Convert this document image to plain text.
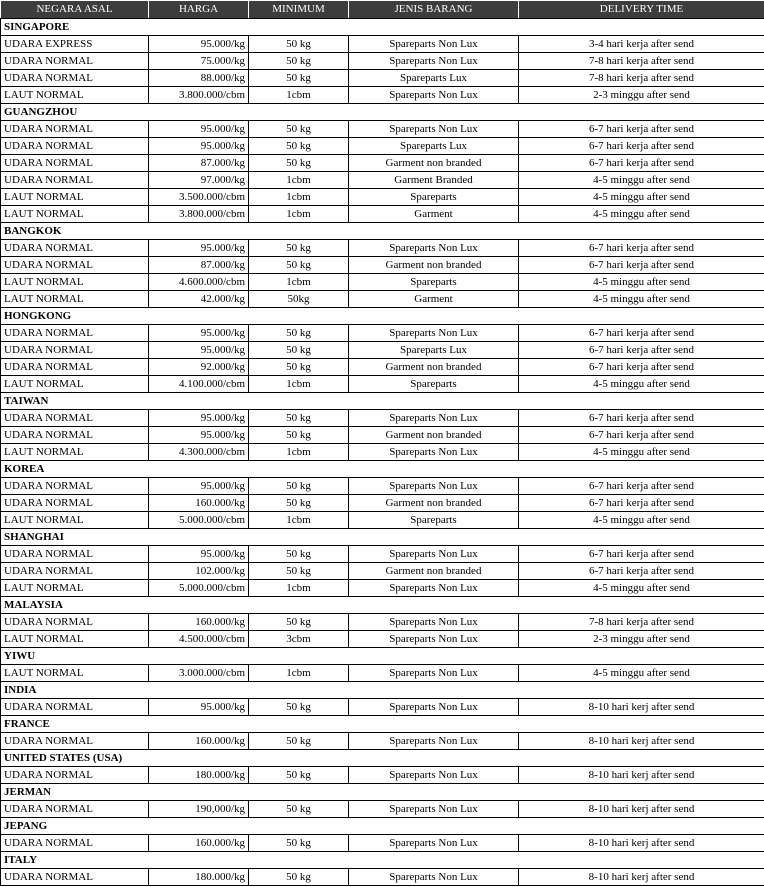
NEGARA ASAL	HARGA	MINIMUM	JENIS BARANG	DELIVERY TIME
SINGAPORE				
UDARA EXPRESS	95.000/kg	50 kg	Spareparts Non Lux	3-4 hari kerja after send
UDARA NORMAL	75.000/kg	50 kg	Spareparts Non Lux	7-8 hari kerja after send
UDARA NORMAL	88.000/kg	50 kg	Spareparts Lux	7-8 hari kerja after send
LAUT NORMAL	3.800.000/cbm	1cbm	Spareparts Non Lux	2-3 minggu after send
GUANGZHOU				
UDARA NORMAL	95.000/kg	50 kg	Spareparts Non Lux	6-7 hari kerja after send
UDARA NORMAL	95.000/kg	50 kg	Spareparts Lux	6-7 hari kerja after send
UDARA NORMAL	87.000/kg	50 kg	Garment non branded	6-7 hari kerja after send
UDARA NORMAL	97.000/kg	1cbm	Garment Branded	4-5 minggu after send
LAUT NORMAL	3.500.000/cbm	1cbm	Spareparts	4-5 minggu after send
LAUT NORMAL	3.800.000/cbm	1cbm	Garment	4-5 minggu after send
BANGKOK				
UDARA NORMAL	95.000/kg	50 kg	Spareparts Non Lux	6-7 hari kerja after send
UDARA NORMAL	87.000/kg	50 kg	Garment non branded	6-7 hari kerja after send
LAUT NORMAL	4.600.000/cbm	1cbm	Spareparts	4-5 minggu after send
LAUT NORMAL	42.000/kg	50kg	Garment	4-5 minggu after send
HONGKONG				
UDARA NORMAL	95.000/kg	50 kg	Spareparts Non Lux	6-7 hari kerja after send
UDARA NORMAL	95.000/kg	50 kg	Spareparts Lux	6-7 hari kerja after send
UDARA NORMAL	92.000/kg	50 kg	Garment non branded	6-7 hari kerja after send
LAUT NORMAL	4.100.000/cbm	1cbm	Spareparts	4-5 minggu after send
TAIWAN				
UDARA NORMAL	95.000/kg	50 kg	Spareparts Non Lux	6-7 hari kerja after send
UDARA NORMAL	95.000/kg	50 kg	Garment non branded	6-7 hari kerja after send
LAUT NORMAL	4.300.000/cbm	1cbm	Spareparts Non Lux	4-5 minggu after send
KOREA				
UDARA NORMAL	95.000/kg	50 kg	Spareparts Non Lux	6-7 hari kerja after send
UDARA NORMAL	160.000/kg	50 kg	Garment non branded	6-7 hari kerja after send
LAUT NORMAL	5.000.000/cbm	1cbm	Spareparts	4-5 minggu after send
SHANGHAI				
UDARA NORMAL	95.000/kg	50 kg	Spareparts Non Lux	6-7 hari kerja after send
UDARA NORMAL	102.000/kg	50 kg	Garment non branded	6-7 hari kerja after send
LAUT NORMAL	5.000.000/cbm	1cbm	Spareparts Non Lux	4-5 minggu after send
MALAYSIA				
UDARA NORMAL	160.000/kg	50 kg	Spareparts Non Lux	7-8 hari kerja after send
LAUT NORMAL	4.500.000/cbm	3cbm	Spareparts Non Lux	2-3 minggu after send
YIWU				
LAUT NORMAL	3.000.000/cbm	1cbm	Spareparts Non Lux	4-5 minggu after send
INDIA				
UDARA NORMAL	95.000/kg	50 kg	Spareparts Non Lux	8-10 hari kerj after send
FRANCE				
UDARA NORMAL	160.000/kg	50 kg	Spareparts Non Lux	8-10 hari kerj after send
UNITED STATES (USA)				
UDARA NORMAL	180.000/kg	50 kg	Spareparts Non Lux	8-10 hari kerj after send
JERMAN				
UDARA NORMAL	190,000/kg	50 kg	Spareparts Non Lux	8-10 hari kerj after send
JEPANG				
UDARA NORMAL	160.000/kg	50 kg	Spareparts Non Lux	8-10 hari kerj after send
ITALY				
UDARA NORMAL	180.000/kg	50 kg	Spareparts Non Lux	8-10 hari kerj after send
